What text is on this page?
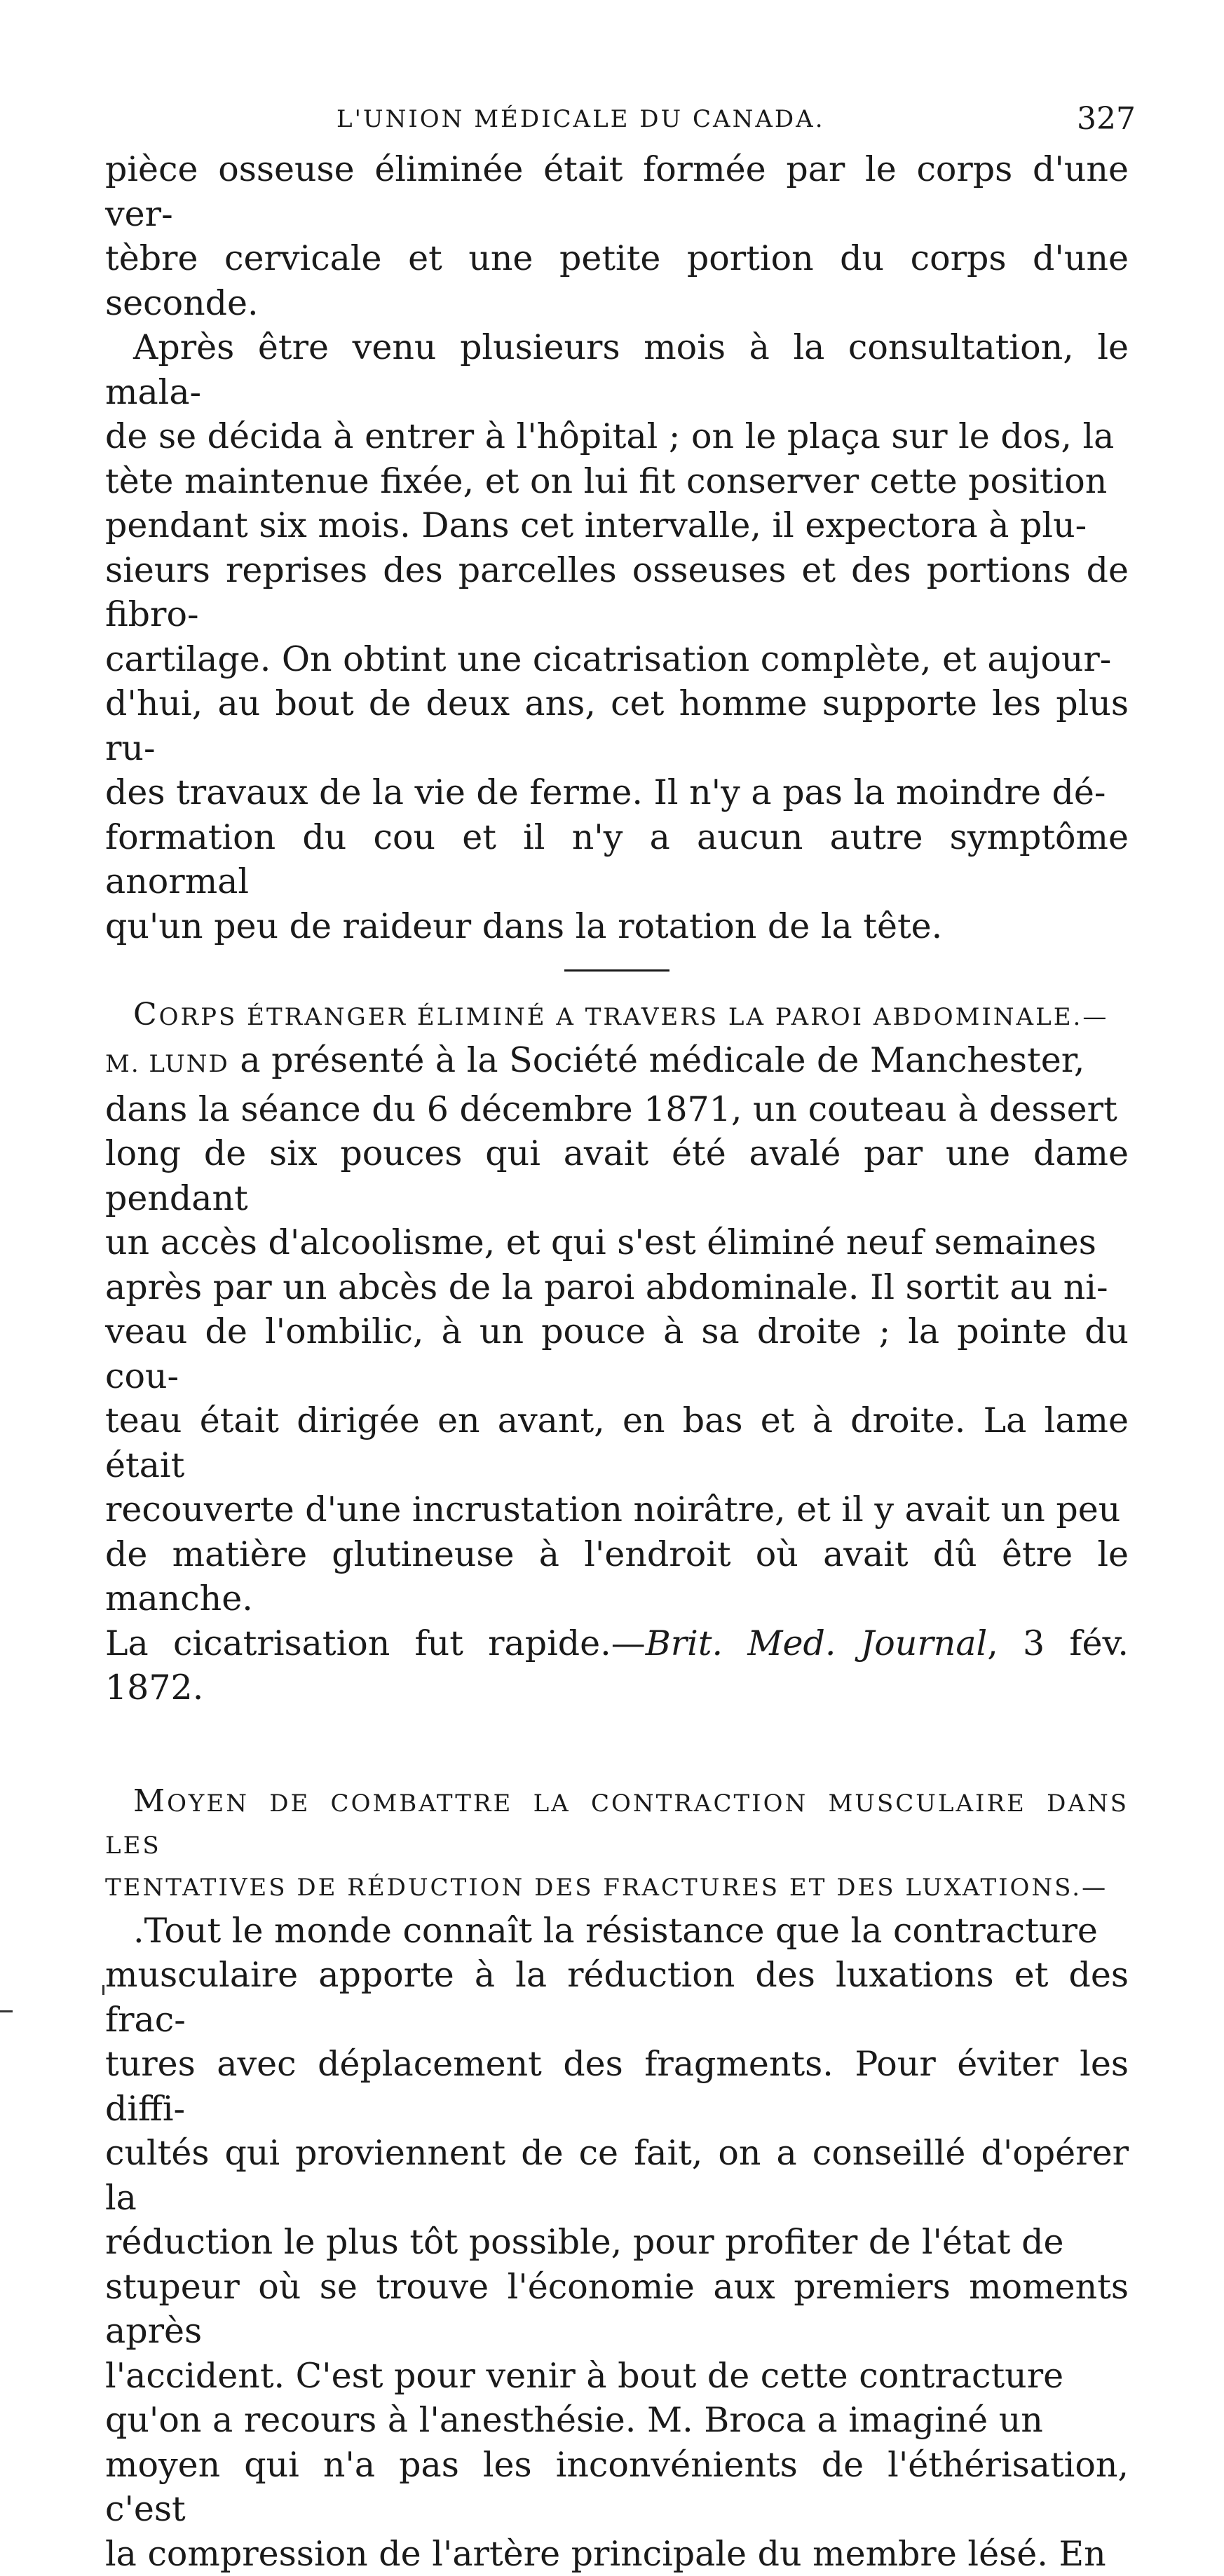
L'UNION MÉDICALE DU CANADA.	327
pièce osseuse éliminée était formée par le corps d'une ver-
tèbre cervicale et une petite portion du corps d'une seconde.
Après être venu plusieurs mois à la consultation, le mala-
de se décida à entrer à l'hôpital ; on le plaça sur le dos, la
tète maintenue fixée, et on lui fit conserver cette position
pendant six mois. Dans cet intervalle, il expectora à plu-
sieurs reprises des parcelles osseuses et des portions de fibro-
cartilage. On obtint une cicatrisation complète, et aujour-
d'hui, au bout de deux ans, cet homme supporte les plus ru-
des travaux de la vie de ferme. Il n'y a pas la moindre dé-
formation du cou et il n'y a aucun autre symptôme anormal
qu'un peu de raideur dans la rotation de la tête.
CORPS ÉTRANGER ÉLIMINÉ A TRAVERS LA PAROI ABDOMINALE.—
M. LUND a présenté à la Société médicale de Manchester,
dans la séance du 6 décembre 1871, un couteau à dessert
long de six pouces qui avait été avalé par une dame pendant
un accès d'alcoolisme, et qui s'est éliminé neuf semaines
après par un abcès de la paroi abdominale. Il sortit au ni-
veau de l'ombilic, à un pouce à sa droite ; la pointe du cou-
teau était dirigée en avant, en bas et à droite. La lame était
recouverte d'une incrustation noirâtre, et il y avait un peu
de matière glutineuse à l'endroit où avait dû être le manche.
La cicatrisation fut rapide.—Brit. Med. Journal, 3 fév. 1872.
MOYEN DE COMBATTRE LA CONTRACTION MUSCULAIRE DANS LES
TENTATIVES DE RÉDUCTION DES FRACTURES ET DES LUXATIONS.—
.Tout le monde connaît la résistance que la contracture
musculaire apporte à la réduction des luxations et des frac-
tures avec déplacement des fragments. Pour éviter les diffi-
cultés qui proviennent de ce fait, on a conseillé d'opérer la
réduction le plus tôt possible, pour profiter de l'état de
stupeur où se trouve l'économie aux premiers moments après
l'accident. C'est pour venir à bout de cette contracture
qu'on a recours à l'anesthésie. M. Broca a imaginé un
moyen qui n'a pas les inconvénients de l'éthérisation, c'est
la compression de l'artère principale du membre lésé. En
